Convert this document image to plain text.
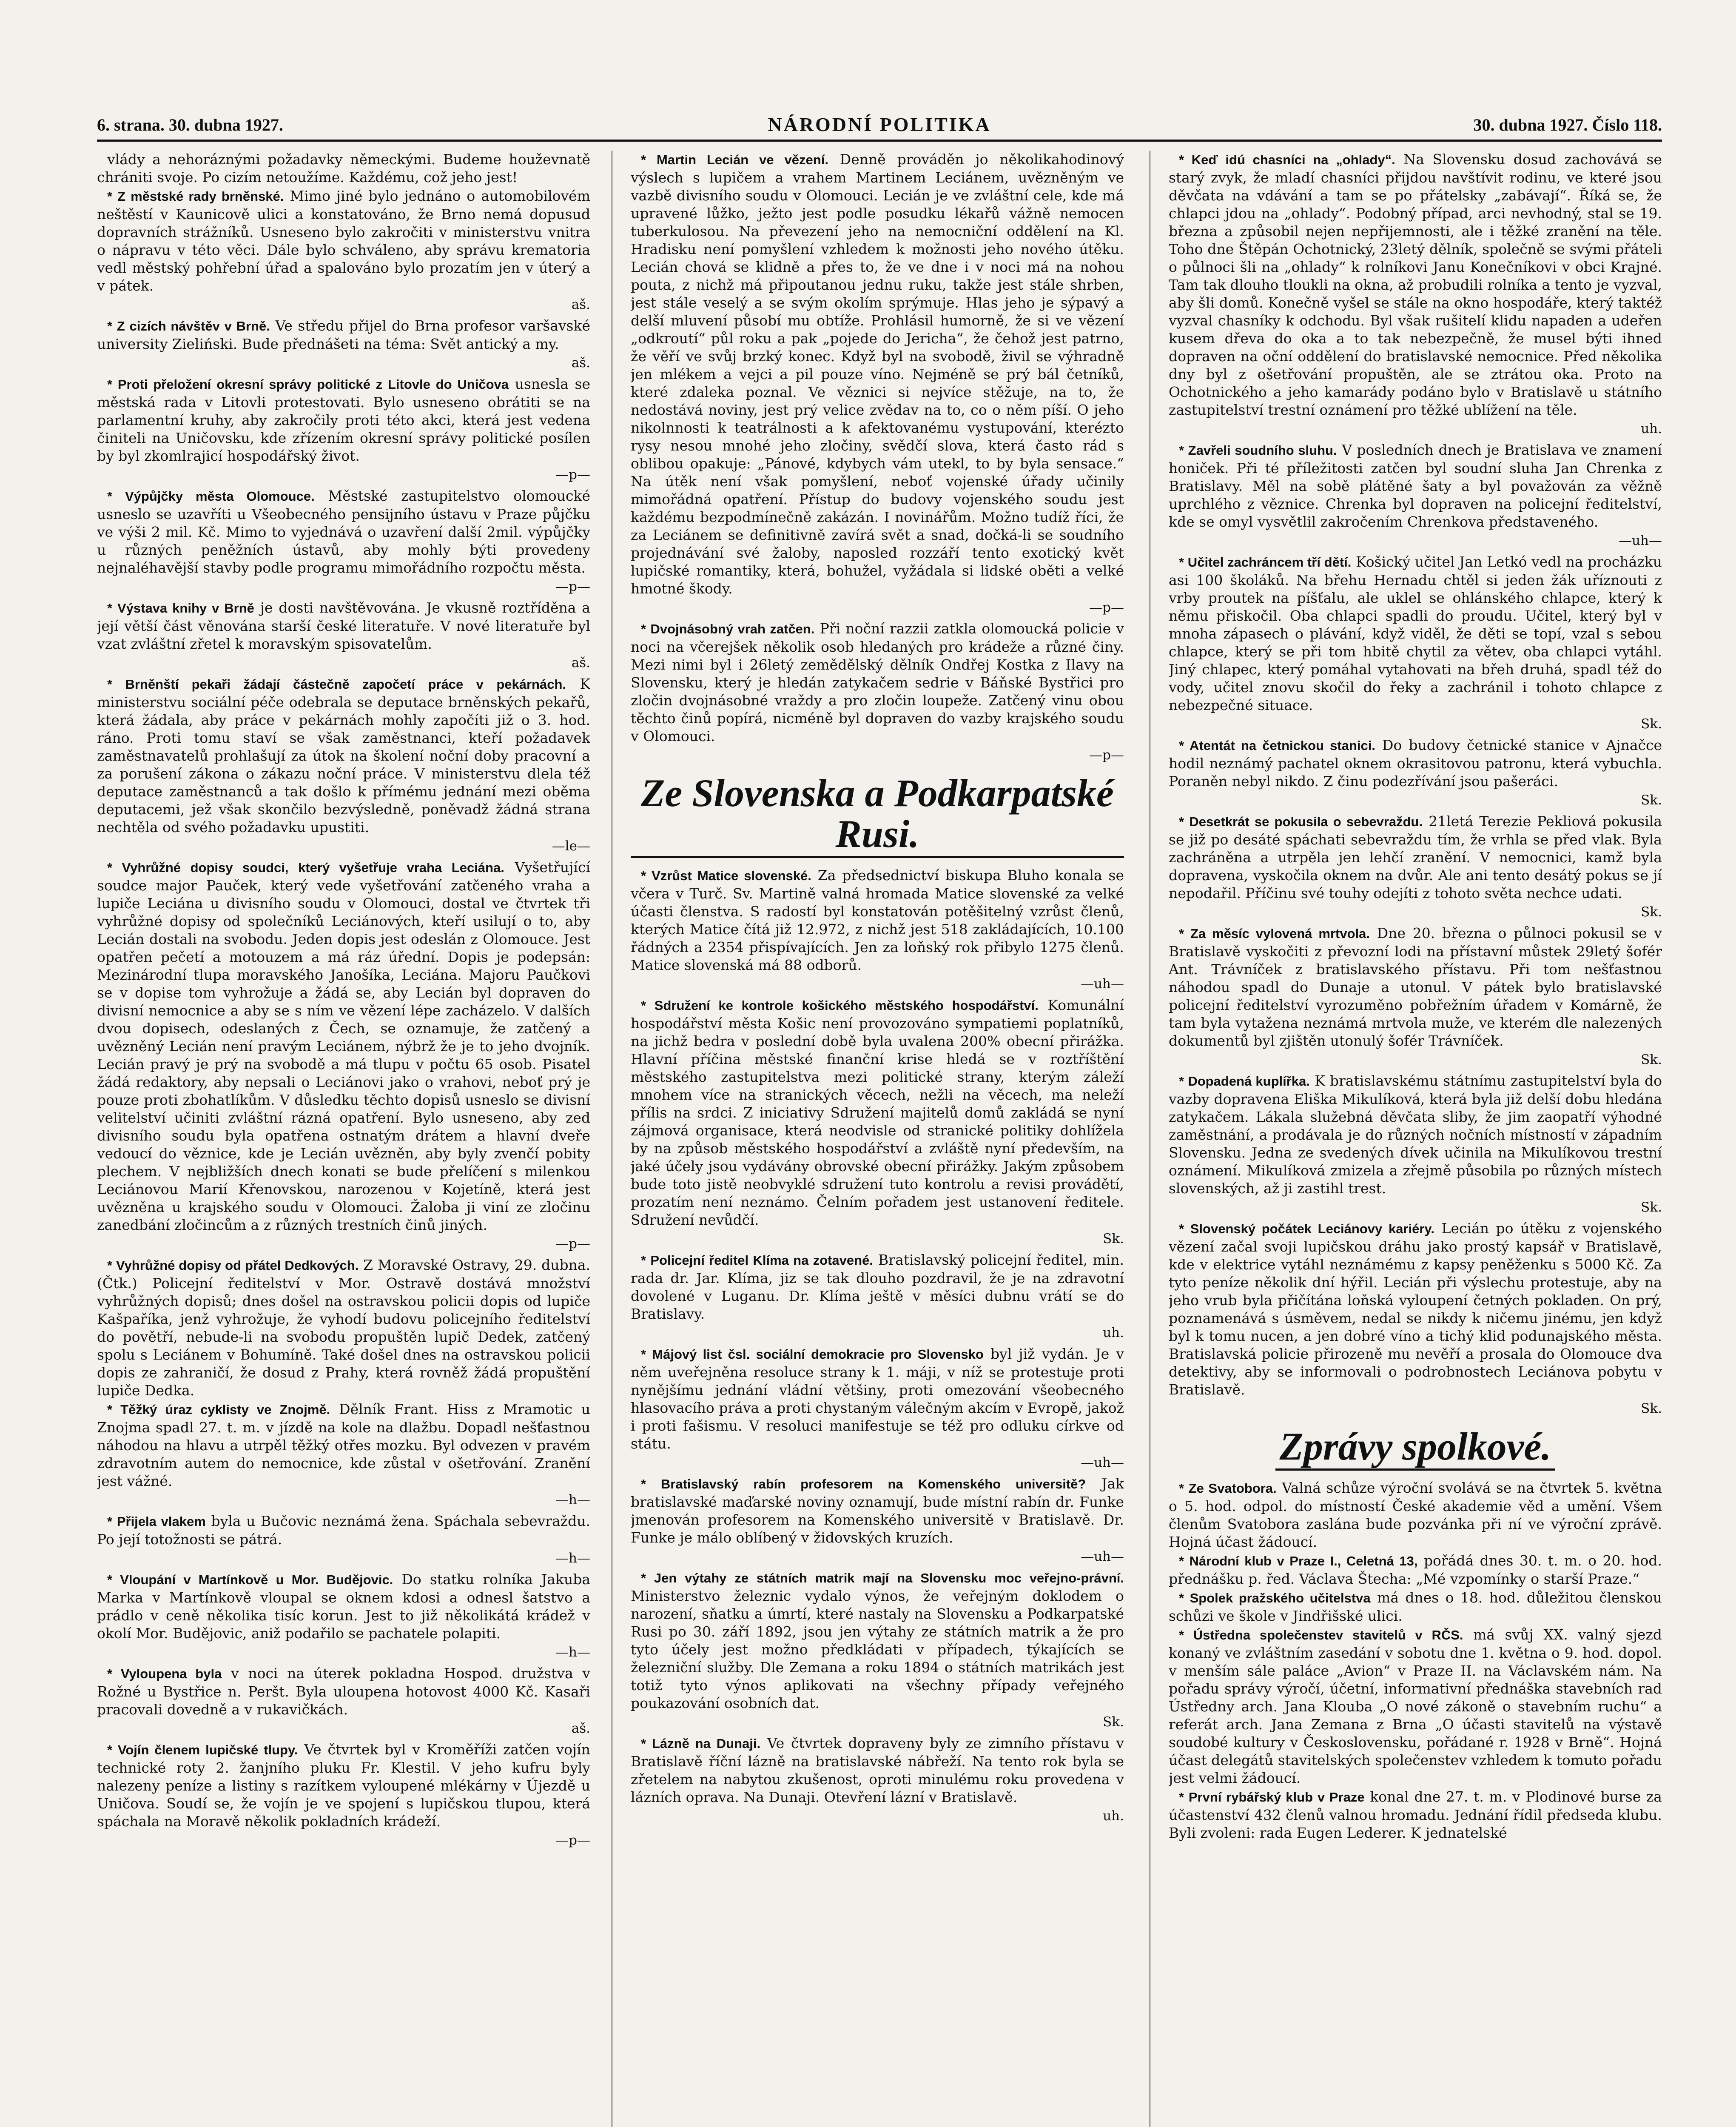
6. strana. 30. dubna 1927.	NÁRODNÍ POLITIKA	30. dubna 1927. Číslo 118.

vlády a nehoráznými požadavky německými. Budeme houževnatě chrániti svoje. Po cizím netoužíme. Každému, což jeho jest!

* Z městské rady brněnské. Mimo jiné bylo jednáno o automobilovém neštěstí v Kaunicově ulici a konstatováno, že Brno nemá dopusud dopravních strážníků. Usneseno bylo zakročiti v ministerstvu vnitra o nápravu v této věci. Dále bylo schváleno, aby správu krematoria vedl městský pohřební úřad a spalováno bylo prozatím jen v úterý a v pátek.

aš.

* Z cizích návštěv v Brně. Ve středu přijel do Brna profesor varšavské university Zieliński. Bude přednášeti na téma: Svět antický a my.

aš.

* Proti přeložení okresní správy politické z Litovle do Uničova usnesla se městská rada v Litovli protestovati. Bylo usneseno obrátiti se na parlamentní kruhy, aby zakročily proti této akci, která jest vedena činiteli na Uničovsku, kde zřízením okresní správy politické posílen by byl zkomlrajicí hospodářský život.

—p—

* Výpůjčky města Olomouce. Městské zastupitelstvo olomoucké usneslo se uzavříti u Všeobecného pensijního ústavu v Praze půjčku ve výši 2 mil. Kč. Mimo to vyjednává o uzavření další 2mil. výpůjčky u různých peněžních ústavů, aby mohly býti provedeny nejnaléhavější stavby podle programu mimořádního rozpočtu města.

—p—

* Výstava knihy v Brně je dosti navštěvována. Je vkusně roztříděna a její větší část věnována starší české literatuře. V nové literatuře byl vzat zvláštní zřetel k moravským spisovatelům.

aš.

* Brněnští pekaři žádají částečně započetí práce v pekárnách. K ministerstvu sociální péče odebrala se deputace brněnských pekařů, která žádala, aby práce v pekárnách mohly započíti již o 3. hod. ráno. Proti tomu staví se však zaměstnanci, kteří požadavek zaměstnavatelů prohlašují za útok na školení noční doby pracovní a za porušení zákona o zákazu noční práce. V ministerstvu dlela též deputace zaměstnanců a tak došlo k přímému jednání mezi oběma deputacemi, jež však skončilo bezvýsledně, poněvadž žádná strana nechtěla od svého požadavku upustiti.

—le—

* Vyhrůžné dopisy soudci, který vyšetřuje vraha Leciána. Vyšetřující soudce major Pauček, který vede vyšetřování zatčeného vraha a lupiče Leciána u divisního soudu v Olomouci, dostal ve čtvrtek tři vyhrůžné dopisy od společníků Leciánových, kteří usilují o to, aby Lecián dostali na svobodu. Jeden dopis jest odeslán z Olomouce. Jest opatřen pečetí a motouzem a má ráz úřední. Dopis je podepsán: Mezinárodní tlupa moravského Janošíka, Leciána. Majoru Paučkovi se v dopise tom vyhrožuje a žádá se, aby Lecián byl dopraven do divisní nemocnice a aby se s ním ve vězení lépe zacházelo. V dalších dvou dopisech, odeslaných z Čech, se oznamuje, že zatčený a uvězněný Lecián není pravým Leciánem, nýbrž že je to jeho dvojník. Lecián pravý je prý na svobodě a má tlupu v počtu 65 osob. Pisatel žádá redaktory, aby nepsali o Leciánovi jako o vrahovi, neboť prý je pouze proti zbohatlíkům. V důsledku těchto dopisů usneslo se divisní velitelství učiniti zvláštní rázná opatření. Bylo usneseno, aby zeď divisního soudu byla opatřena ostnatým drátem a hlavní dveře vedoucí do věznice, kde je Lecián uvězněn, aby byly zvenčí pobity plechem. V nejbližších dnech konati se bude přelíčení s milenkou Leciánovou Marií Křenovskou, narozenou v Kojetíně, která jest uvězněna u krajského soudu v Olomouci. Žaloba ji viní ze zločinu zanedbání zločincům a z různých trestních činů jiných.

—p—

* Vyhrůžné dopisy od přátel Dedkových. Z Moravské Ostravy, 29. dubna. (Čtk.) Policejní ředitelství v Mor. Ostravě dostává množství vyhrůžných dopisů; dnes došel na ostravskou policii dopis od lupiče Kašpaříka, jenž vyhrožuje, že vyhodí budovu policejního ředitelství do povětří, nebude-li na svobodu propuštěn lupič Dedek, zatčený spolu s Leciánem v Bohumíně. Také došel dnes na ostravskou policii dopis ze zahraničí, že dosud z Prahy, která rovněž žádá propuštění lupiče Dedka.

* Těžký úraz cyklisty ve Znojmě. Dělník Frant. Hiss z Mramotic u Znojma spadl 27. t. m. v jízdě na kole na dlažbu. Dopadl nešťastnou náhodou na hlavu a utrpěl těžký otřes mozku. Byl odvezen v pravém zdravotním autem do nemocnice, kde zůstal v ošetřování. Zranění jest vážné.

—h—

* Přijela vlakem byla u Bučovic neznámá žena. Spáchala sebevraždu. Po její totožnosti se pátrá.

—h—

* Vloupání v Martínkově u Mor. Budějovic. Do statku rolníka Jakuba Marka v Martínkově vloupal se oknem kdosi a odnesl šatstvo a prádlo v ceně několika tisíc korun. Jest to již několikátá krádež v okolí Mor. Budějovic, aniž podařilo se pachatele polapiti.

—h—

* Vyloupena byla v noci na úterek pokladna Hospod. družstva v Rožné u Bystřice n. Peršt. Byla uloupena hotovost 4000 Kč. Kasaři pracovali dovedně a v rukavičkách.

aš.

* Vojín členem lupičské tlupy. Ve čtvrtek byl v Kroměříži zatčen vojín technické roty 2. žanjního pluku Fr. Klestil. V jeho kufru byly nalezeny peníze a listiny s razítkem vyloupené mlékárny v Újezdě u Uničova. Soudí se, že vojín je ve spojení s lupičskou tlupou, která spáchala na Moravě několik pokladních krádeží.

—p—

* Martin Lecián ve vězení. Denně prováděn jo několikahodinový výslech s lupičem a vrahem Martinem Leciánem, uvězněným ve vazbě divisního soudu v Olomouci. Lecián je ve zvláštní cele, kde má upravené lůžko, ježto jest podle posudku lékařů vážně nemocen tuberkulosou. Na převezení jeho na nemocniční oddělení na Kl. Hradisku není pomyšlení vzhledem k možnosti jeho nového útěku. Lecián chová se klidně a přes to, že ve dne i v noci má na nohou pouta, z nichž má připoutanou jednu ruku, takže jest stále shrben, jest stále veselý a se svým okolím sprýmuje. Hlas jeho je sýpavý a delší mluvení působí mu obtíže. Prohlásil humorně, že si ve vězení „odkroutí“ půl roku a pak „pojede do Jericha“, že čehož jest patrno, že věří ve svůj brzký konec. Když byl na svobodě, živil se výhradně jen mlékem a vejci a pil pouze víno. Nejméně se prý bál četníků, které zdaleka poznal. Ve věznici si nejvíce stěžuje, na to, že nedostává noviny, jest prý velice zvědav na to, co o něm píší. O jeho nikolnnosti k teatrálnosti a k afektovanému vystupování, kterézto rysy nesou mnohé jeho zločiny, svědčí slova, která často rád s oblibou opakuje: „Pánové, kdybych vám utekl, to by byla sensace.“ Na útěk není však pomyšlení, neboť vojenské úřady učinily mimořádná opatření. Přístup do budovy vojenského soudu jest každému bezpodmínečně zakázán. I novinářům. Možno tudíž říci, že za Leciánem se definitivně zavírá svět a snad, dočká-li se soudního projednávání své žaloby, naposled rozzáří tento exotický květ lupičské romantiky, která, bohužel, vyžádala si lidské oběti a velké hmotné škody.

—p—

* Dvojnásobný vrah zatčen. Při noční razzii zatkla olomoucká policie v noci na včerejšek několik osob hledaných pro krádeže a různé činy. Mezi nimi byl i 26letý zemědělský dělník Ondřej Kostka z Ilavy na Slovensku, který je hledán zatykačem sedrie v Báňské Bystřici pro zločin dvojnásobné vraždy a pro zločin loupeže. Zatčený vinu obou těchto činů popírá, nicméně byl dopraven do vazby krajského soudu v Olomouci.

—p—
Ze Slovenska a Podkarpatské Rusi.

* Vzrůst Matice slovenské. Za předsednictví biskupa Bluho konala se včera v Turč. Sv. Martině valná hromada Matice slovenské za velké účasti členstva. S radostí byl konstatován potěšitelný vzrůst členů, kterých Matice čítá již 12.972, z nichž jest 518 zakládajících, 10.100 řádných a 2354 přispívajících. Jen za loňský rok přibylo 1275 členů. Matice slovenská má 88 odborů.

—uh—

* Sdružení ke kontrole košického městského hospodářství. Komunální hospodářství města Košic není provozováno sympatiemi poplatníků, na jichž bedra v poslední době byla uvalena 200% obecní přirážka. Hlavní příčina městské finanční krise hledá se v roztříštění městského zastupitelstva mezi politické strany, kterým záleží mnohem více na stranických věcech, nežli na věcech, ma neleží přílis na srdci. Z iniciativy Sdružení majitelů domů zakládá se nyní zájmová organisace, která neodvisle od stranické politiky dohlížela by na způsob městského hospodářství a zvláště nyní především, na jaké účely jsou vydávány obrovské obecní přirážky. Jakým způsobem bude toto jistě neobvyklé sdružení tuto kontrolu a revisi provádětí, prozatím není neznámo. Čelním pořadem jest ustanovení ředitele. Sdružení nevůdčí.

Sk.

* Policejní ředitel Klíma na zotavené. Bratislavský policejní ředitel, min. rada dr. Jar. Klíma, jiz se tak dlouho pozdravil, že je na zdravotní dovolené v Luganu. Dr. Klíma ještě v měsíci dubnu vrátí se do Bratislavy.

uh.

* Májový list čsl. sociální demokracie pro Slovensko byl již vydán. Je v něm uveřejněna resoluce strany k 1. máji, v níž se protestuje proti nynějšímu jednání vládní většiny, proti omezování všeobecného hlasovacího práva a proti chystaným válečným akcím v Evropě, jakož i proti fašismu. V resoluci manifestuje se též pro odluku církve od státu.

—uh—

* Bratislavský rabín profesorem na Komenského universitě? Jak bratislavské maďarské noviny oznamují, bude místní rabín dr. Funke jmenován profesorem na Komenského universitě v Bratislavě. Dr. Funke je málo oblíbený v židovských kruzích.

—uh—

* Jen výtahy ze státních matrik mají na Slovensku moc veřejno-právní. Ministerstvo železnic vydalo výnos, že veřejným doklodem o narození, sňatku a úmrtí, které nastaly na Slovensku a Podkarpatské Rusi po 30. září 1892, jsou jen výtahy ze státních matrik a že pro tyto účely jest možno předkládati v případech, týkajících se železniční služby. Dle Zemana a roku 1894 o státních matrikách jest totiž tyto výnos aplikovati na všechny případy veřejného poukazování osobních dat.

Sk.

* Lázně na Dunaji. Ve čtvrtek dopraveny byly ze zimního přístavu v Bratislavě říční lázně na bratislavské nábřeží. Na tento rok byla se zřetelem na nabytou zkušenost, oproti minulému roku provedena v lázních oprava. Na Dunaji. Otevření lázní v Bratislavě.

uh.

* Keď idú chasníci na „ohlady“. Na Slovensku dosud zachovává se starý zvyk, že mladí chasníci přijdou navštívit rodinu, ve které jsou děvčata na vdávání a tam se po přátelsky „zabávají“. Říká se, že chlapci jdou na „ohlady“. Podobný případ, arci nevhodný, stal se 19. března a způsobil nejen nepřijemnosti, ale i těžké zranění na těle. Toho dne Štěpán Ochotnický, 23letý dělník, společně se svými přáteli o půlnoci šli na „ohlady“ k rolníkovi Janu Konečníkovi v obci Krajné. Tam tak dlouho tloukli na okna, až probudili rolníka a tento je vyzval, aby šli domů. Konečně vyšel se stále na okno hospodáře, který taktéž vyzval chasníky k odchodu. Byl však rušitelí klidu napaden a udeřen kusem dřeva do oka a to tak nebezpečně, že musel býti ihned dopraven na oční oddělení do bratislavské nemocnice. Před několika dny byl z ošetřování propuštěn, ale se ztrátou oka. Proto na Ochotnického a jeho kamarády podáno bylo v Bratislavě u státního zastupitelství trestní oznámení pro těžké ublížení na těle.

uh.

* Zavřeli soudního sluhu. V posledních dnech je Bratislava ve znamení honiček. Při té příležitosti zatčen byl soudní sluha Jan Chrenka z Bratislavy. Měl na sobě plátěné šaty a byl považován za věžně uprchlého z věznice. Chrenka byl dopraven na policejní ředitelství, kde se omyl vysvětlil zakročením Chrenkova představeného.

—uh—

* Učitel zachráncem tří dětí. Košický učitel Jan Letkó vedl na procházku asi 100 školáků. Na břehu Hernadu chtěl si jeden žák uříznouti z vrby proutek na píšťalu, ale uklel se ohlánského chlapce, který k němu přiskočil. Oba chlapci spadli do proudu. Učitel, který byl v mnoha zápasech o plávání, když viděl, že děti se topí, vzal s sebou chlapce, který se při tom hbitě chytil za větev, oba chlapci vytáhl. Jiný chlapec, který pomáhal vytahovati na břeh druhá, spadl též do vody, učitel znovu skočil do řeky a zachránil i tohoto chlapce z nebezpečné situace.

Sk.

* Atentát na četnickou stanici. Do budovy četnické stanice v Ajnačce hodil neznámý pachatel oknem okrasitovou patronu, která vybuchla. Poraněn nebyl nikdo. Z činu podezřívání jsou pašeráci.

Sk.

* Desetkrát se pokusila o sebevraždu. 21letá Terezie Pekliová pokusila se již po desáté spáchati sebevraždu tím, že vrhla se před vlak. Byla zachráněna a utrpěla jen lehčí zranění. V nemocnici, kamž byla dopravena, vyskočila oknem na dvůr. Ale ani tento desátý pokus se jí nepodařil. Příčinu své touhy odejíti z tohoto světa nechce udati.

Sk.

* Za měsíc vylovená mrtvola. Dne 20. března o půlnoci pokusil se v Bratislavě vyskočiti z převozní lodi na přístavní můstek 29letý šofér Ant. Trávníček z bratislavského přístavu. Při tom nešťastnou náhodou spadl do Dunaje a utonul. V pátek bylo bratislavské policejní ředitelství vyrozuměno pobřežním úřadem v Komárně, že tam byla vytažena neznámá mrtvola muže, ve kterém dle nalezených dokumentů byl zjištěn utonulý šofér Trávníček.

Sk.

* Dopadená kuplířka. K bratislavskému státnímu zastupitelství byla do vazby dopravena Eliška Mikulíková, která byla již delší dobu hledána zatykačem. Lákala služebná děvčata sliby, že jim zaopatří výhodné zaměstnání, a prodávala je do různých nočních místností v západním Slovensku. Jedna ze svedených dívek učinila na Mikulíkovou trestní oznámení. Mikulíková zmizela a zřejmě působila po různých místech slovenských, až ji zastihl trest.

Sk.

* Slovenský počátek Leciánovy kariéry. Lecián po útěku z vojenského vězení začal svoji lupičskou dráhu jako prostý kapsář v Bratislavě, kde v elektrice vytáhl neznámému z kapsy peněženku s 5000 Kč. Za tyto peníze několik dní hýřil. Lecián při výslechu protestuje, aby na jeho vrub byla přičítána loňská vyloupení četných pokladen. On prý, poznamenává s úsměvem, nedal se nikdy k ničemu jinému, jen když byl k tomu nucen, a jen dobré víno a tichý klid podunajského města. Bratislavská policie přirozeně mu nevěří a prosala do Olomouce dva detektivy, aby se informovali o podrobnostech Leciánova pobytu v Bratislavě.

Sk.
Zprávy spolkové.

* Ze Svatobora. Valná schůze výroční svolává se na čtvrtek 5. května o 5. hod. odpol. do místností České akademie věd a umění. Všem členům Svatobora zaslána bude pozvánka při ní ve výroční zprávě. Hojná účast žádoucí.

* Národní klub v Praze I., Celetná 13, pořádá dnes 30. t. m. o 20. hod. přednášku p. řed. Václava Štecha: „Mé vzpomínky o starší Praze.“

* Spolek pražského učitelstva má dnes o 18. hod. důležitou členskou schůzi ve škole v Jindřišské ulici.

* Ústředna společenstev stavitelů v RČS. má svůj XX. valný sjezd konaný ve zvláštním zasedání v sobotu dne 1. května o 9. hod. dopol. v menším sále paláce „Avion“ v Praze II. na Václavském nám. Na pořadu správy výročí, účetní, informativní přednáška stavebních rad Ústředny arch. Jana Klouba „O nové zákoně o stavebním ruchu“ a referát arch. Jana Zemana z Brna „O účasti stavitelů na výstavě soudobé kultury v Československu, pořádané r. 1928 v Brně“. Hojná účast delegátů stavitelských společenstev vzhledem k tomuto pořadu jest velmi žádoucí.

* První rybářský klub v Praze konal dne 27. t. m. v Plodinové burse za účastenství 432 členů valnou hromadu. Jednání řídil předseda klubu. Byli zvoleni: rada Eugen Lederer. K jednatelské
